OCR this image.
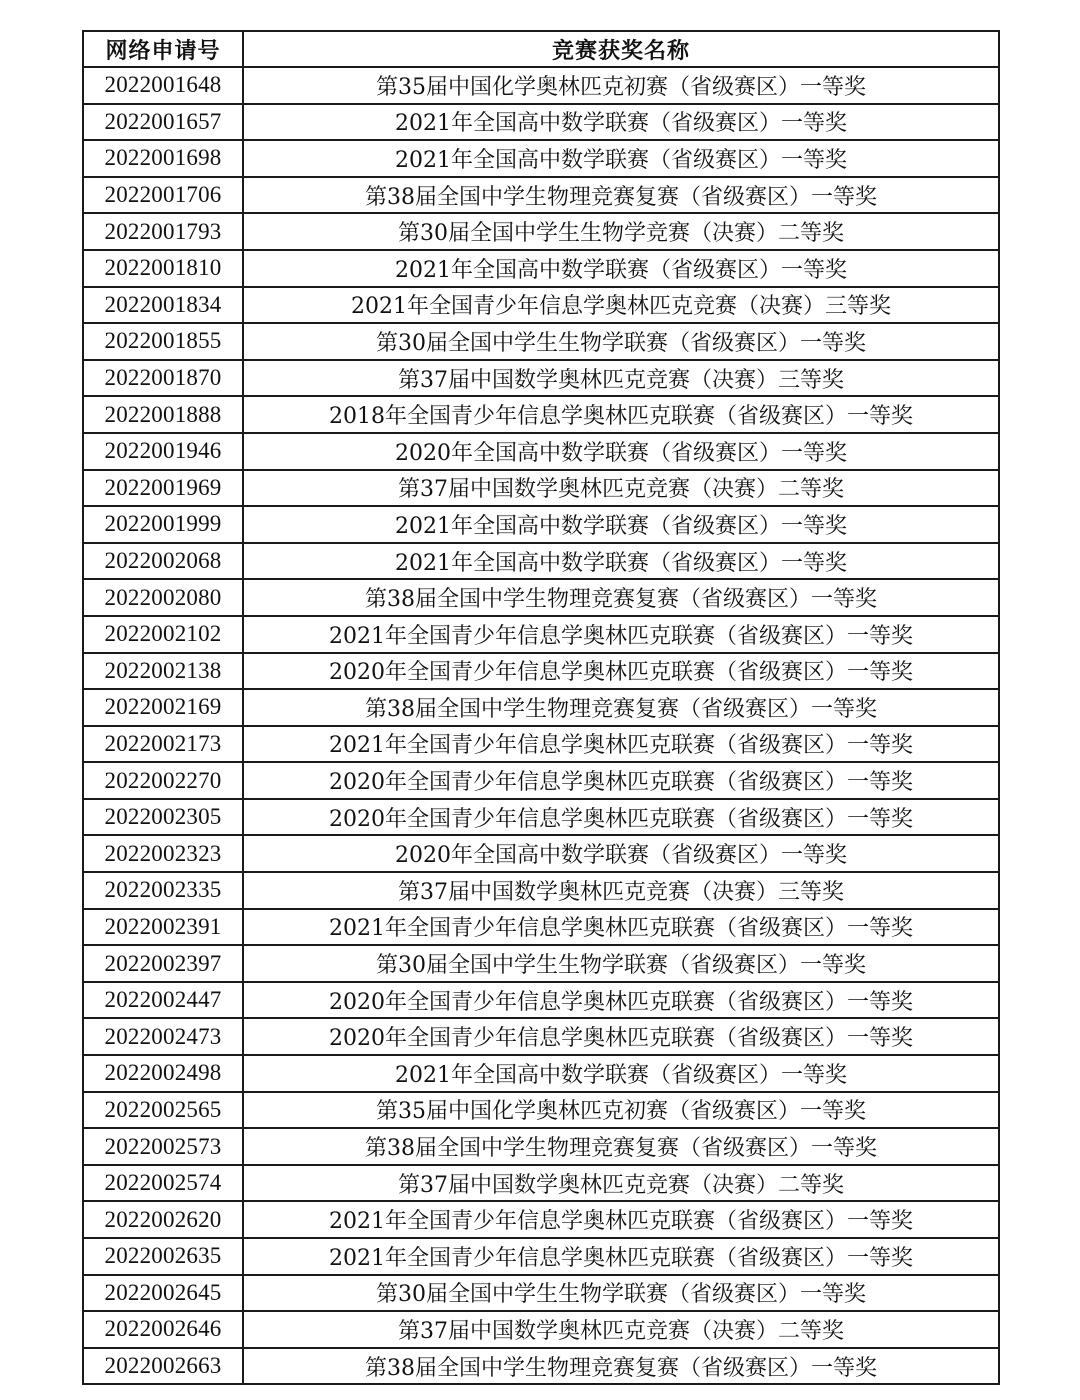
网络申请号	竞赛获奖名称
2022001648	第35届中国化学奥林匹克初赛（省级赛区）一等奖
2022001657	2021年全国高中数学联赛（省级赛区）一等奖
2022001698	2021年全国高中数学联赛（省级赛区）一等奖
2022001706	第38届全国中学生物理竞赛复赛（省级赛区）一等奖
2022001793	第30届全国中学生生物学竞赛（决赛）二等奖
2022001810	2021年全国高中数学联赛（省级赛区）一等奖
2022001834	2021年全国青少年信息学奥林匹克竞赛（决赛）三等奖
2022001855	第30届全国中学生生物学联赛（省级赛区）一等奖
2022001870	第37届中国数学奥林匹克竞赛（决赛）三等奖
2022001888	2018年全国青少年信息学奥林匹克联赛（省级赛区）一等奖
2022001946	2020年全国高中数学联赛（省级赛区）一等奖
2022001969	第37届中国数学奥林匹克竞赛（决赛）二等奖
2022001999	2021年全国高中数学联赛（省级赛区）一等奖
2022002068	2021年全国高中数学联赛（省级赛区）一等奖
2022002080	第38届全国中学生物理竞赛复赛（省级赛区）一等奖
2022002102	2021年全国青少年信息学奥林匹克联赛（省级赛区）一等奖
2022002138	2020年全国青少年信息学奥林匹克联赛（省级赛区）一等奖
2022002169	第38届全国中学生物理竞赛复赛（省级赛区）一等奖
2022002173	2021年全国青少年信息学奥林匹克联赛（省级赛区）一等奖
2022002270	2020年全国青少年信息学奥林匹克联赛（省级赛区）一等奖
2022002305	2020年全国青少年信息学奥林匹克联赛（省级赛区）一等奖
2022002323	2020年全国高中数学联赛（省级赛区）一等奖
2022002335	第37届中国数学奥林匹克竞赛（决赛）三等奖
2022002391	2021年全国青少年信息学奥林匹克联赛（省级赛区）一等奖
2022002397	第30届全国中学生生物学联赛（省级赛区）一等奖
2022002447	2020年全国青少年信息学奥林匹克联赛（省级赛区）一等奖
2022002473	2020年全国青少年信息学奥林匹克联赛（省级赛区）一等奖
2022002498	2021年全国高中数学联赛（省级赛区）一等奖
2022002565	第35届中国化学奥林匹克初赛（省级赛区）一等奖
2022002573	第38届全国中学生物理竞赛复赛（省级赛区）一等奖
2022002574	第37届中国数学奥林匹克竞赛（决赛）二等奖
2022002620	2021年全国青少年信息学奥林匹克联赛（省级赛区）一等奖
2022002635	2021年全国青少年信息学奥林匹克联赛（省级赛区）一等奖
2022002645	第30届全国中学生生物学联赛（省级赛区）一等奖
2022002646	第37届中国数学奥林匹克竞赛（决赛）二等奖
2022002663	第38届全国中学生物理竞赛复赛（省级赛区）一等奖
